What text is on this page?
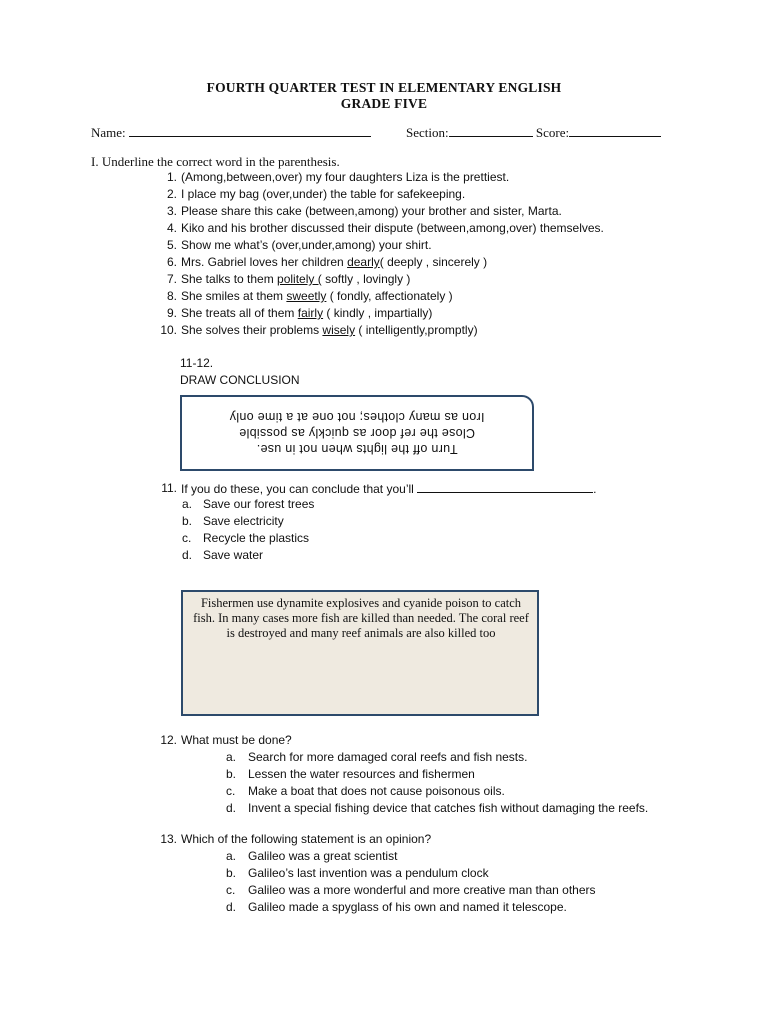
FOURTH QUARTER TEST IN ELEMENTARY ENGLISH
GRADE FIVE
Name:	Section:	Score:
I. Underline the correct word in the parenthesis.
1. (Among,between,over) my four daughters Liza is the prettiest.
2. I place my bag (over,under) the table for safekeeping.
3. Please share this cake (between,among) your brother and sister, Marta.
4. Kiko and his brother discussed their dispute (between,among,over) themselves.
5. Show me what’s (over,under,among) your shirt.
6. Mrs. Gabriel loves her children dearly( deeply , sincerely )
7. She talks to them politely ( softly , lovingly )
8. She smiles at them sweetly ( fondly, affectionately )
9. She treats all of them fairly ( kindly , impartially)
10. She solves their problems wisely ( intelligently,promptly)
11-12.
DRAW CONCLUSION
Turn off the lights when not in use.
Close the ref door as quickly as possible
Iron as many clothes; not one at a time only
11. If you do these, you can conclude that you’ll	.
a. Save our forest trees
b. Save electricity
c. Recycle the plastics
d. Save water
Fishermen use dynamite explosives and cyanide poison to catch fish. In many cases more fish are killed than needed. The coral reef is destroyed and many reef animals are also killed too
12. What must be done?
a. Search for more damaged coral reefs and fish nests.
b. Lessen the water resources and fishermen
c.	Make a boat that does not cause poisonous oils.
d. Invent a special fishing device that catches fish without damaging the reefs.
13. Which of the following statement is an opinion?
a. Galileo was a great scientist
b. Galileo’s last invention was a pendulum clock
c.	Galileo was a more wonderful and more creative man than others
d. Galileo made a spyglass of his own and named it telescope.
